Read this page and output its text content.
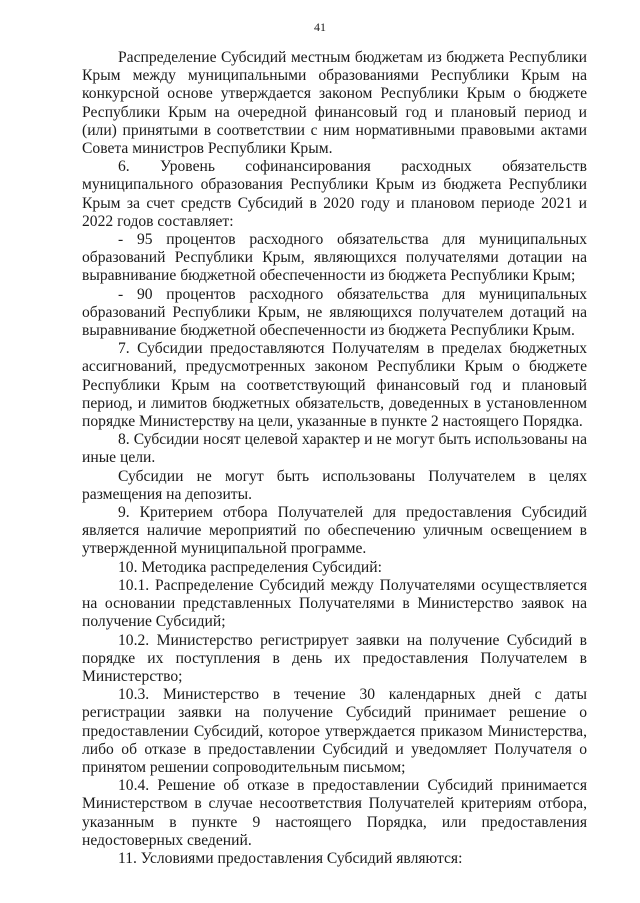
41

Распределение Субсидий местным бюджетам из бюджета Республики Крым между муниципальными образованиями Республики Крым на конкурсной основе утверждается законом Республики Крым о бюджете Республики Крым на очередной финансовый год и плановый период и (или) принятыми в соответствии с ним нормативными правовыми актами Совета министров Республики Крым.

6. Уровень софинансирования расходных обязательств муниципального образования Республики Крым из бюджета Республики Крым за счет средств Субсидий в 2020 году и плановом периоде 2021 и 2022 годов составляет:

- 95 процентов расходного обязательства для муниципальных образований Республики Крым, являющихся получателями дотации на выравнивание бюджетной обеспеченности из бюджета Республики Крым;

- 90 процентов расходного обязательства для муниципальных образований Республики Крым, не являющихся получателем дотаций на выравнивание бюджетной обеспеченности из бюджета Республики Крым.

7. Субсидии предоставляются Получателям в пределах бюджетных ассигнований, предусмотренных законом Республики Крым о бюджете Республики Крым на соответствующий финансовый год и плановый период, и лимитов бюджетных обязательств, доведенных в установленном порядке Министерству на цели, указанные в пункте 2 настоящего Порядка.

8. Субсидии носят целевой характер и не могут быть использованы на иные цели.

Субсидии не могут быть использованы Получателем в целях размещения на депозиты.

9. Критерием отбора Получателей для предоставления Субсидий является наличие мероприятий по обеспечению уличным освещением в утвержденной муниципальной программе.

10. Методика распределения Субсидий:

10.1. Распределение Субсидий между Получателями осуществляется на основании представленных Получателями в Министерство заявок на получение Субсидий;

10.2. Министерство регистрирует заявки на получение Субсидий в порядке их поступления в день их предоставления Получателем в Министерство;

10.3. Министерство в течение 30 календарных дней с даты регистрации заявки на получение Субсидий принимает решение о предоставлении Субсидий, которое утверждается приказом Министерства, либо об отказе в предоставлении Субсидий и уведомляет Получателя о принятом решении сопроводительным письмом;

10.4. Решение об отказе в предоставлении Субсидий принимается Министерством в случае несоответствия Получателей критериям отбора, указанным в пункте 9 настоящего Порядка, или предоставления недостоверных сведений.

11. Условиями предоставления Субсидий являются:
